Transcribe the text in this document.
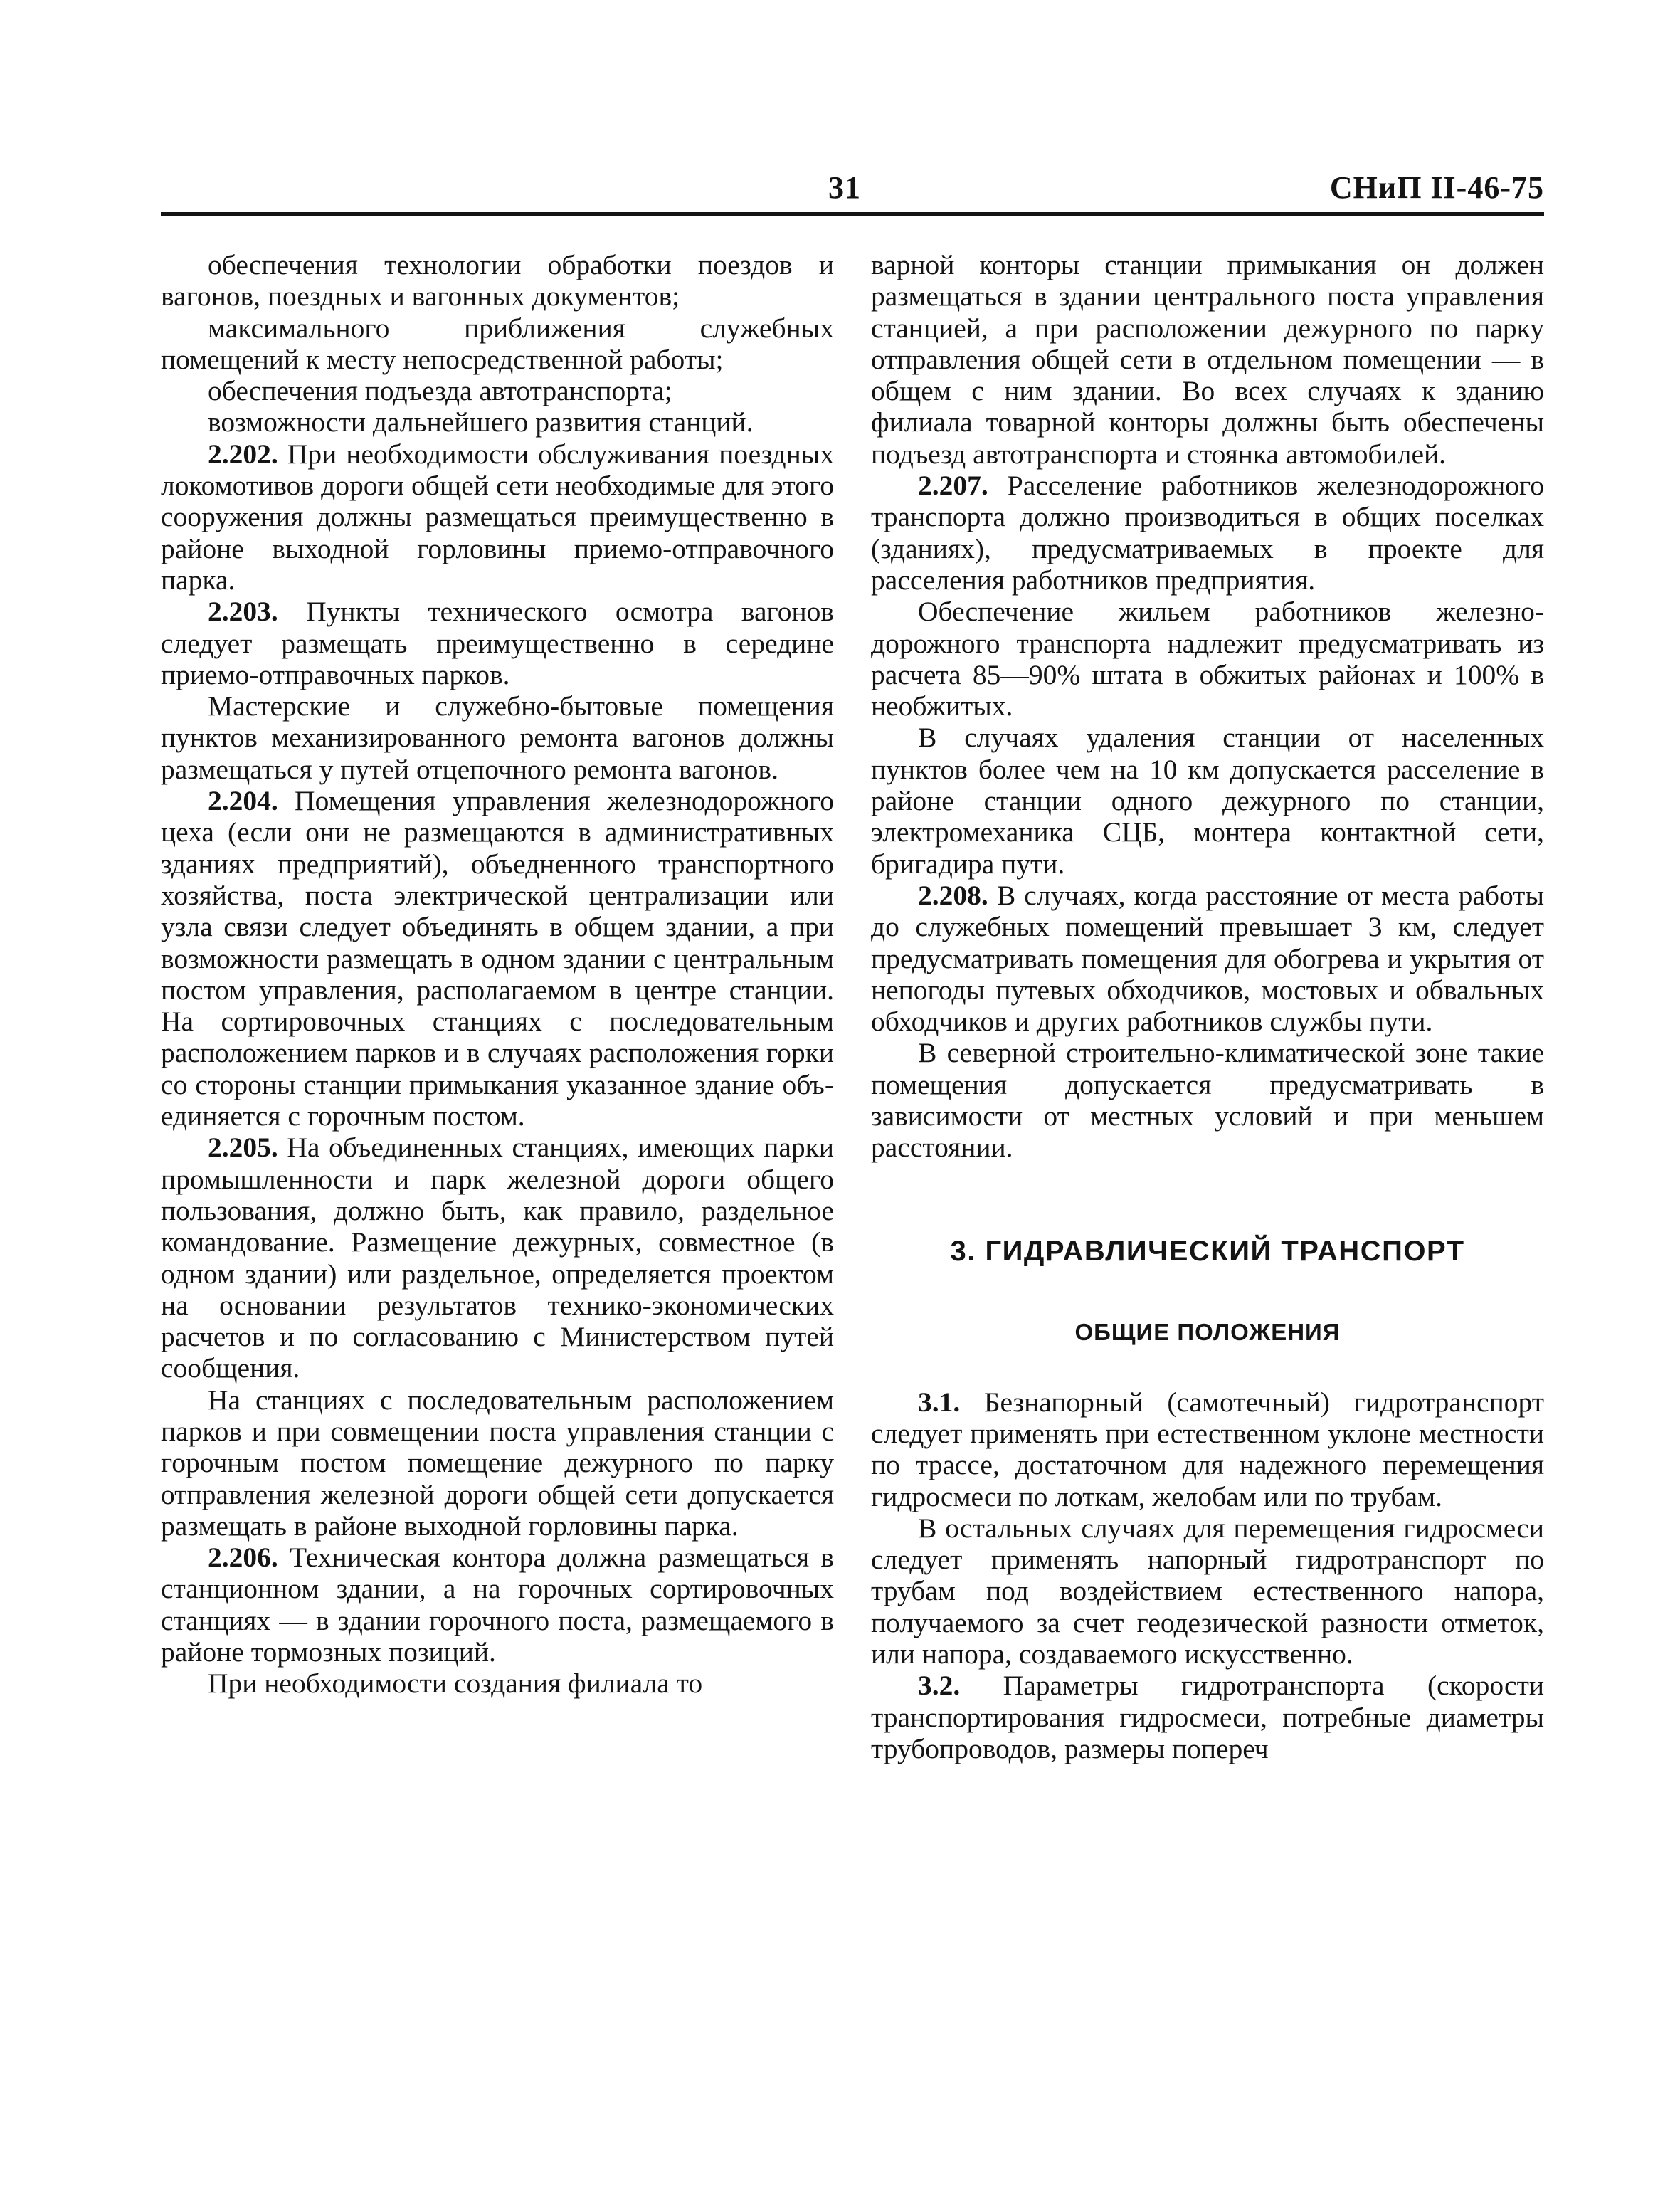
31	СНиП II-46-75

обеспечения технологии обработки поездов и вагонов, поездных и вагонных документов;

максимального приближения служебных помещений к месту непосредственной работы;

обеспечения подъезда автотранспорта;

возможности дальнейшего развития станций.

2.202. При необходимости обслуживания поездных локомотивов дороги общей сети необходимые для этого сооружения должны размещаться преимущественно в районе выходной горловины приемо-отправочного парка.

2.203. Пункты технического осмотра вагонов следует размещать преимущественно в середине приемо-отправочных парков.

Мастерские и служебно-бытовые помещения пунктов механизированного ремонта вагонов должны размещаться у путей отцепочного ремонта вагонов.

2.204. Помещения управления железнодорожного цеха (если они не размещаются в административных зданиях предприятий), объедненного транспортного хозяйства, поста электрической централизации или узла связи следует объединять в общем здании, а при возможности размещать в одном здании с центральным постом управления, располагаемом в центре станции. На сортировочных станциях с последовательным расположением парков и в случаях расположения горки со стороны станции примыкания указанное здание объединяется с горочным постом.

2.205. На объединенных станциях, имеющих парки промышленности и парк железной дороги общего пользования, должно быть, как правило, раздельное командование. Размещение дежурных, совместное (в одном здании) или раздельное, определяется проектом на основании результатов технико-экономических расчетов и по согласованию с Министерством путей сообщения.

На станциях с последовательным расположением парков и при совмещении поста управления станции с горочным постом помещение дежурного по парку отправления железной дороги общей сети допускается размещать в районе выходной горловины парка.

2.206. Техническая контора должна размещаться в станционном здании, а на горочных сортировочных станциях — в здании горочного поста, размещаемого в районе тормозных позиций.

При необходимости создания филиала то

варной конторы станции примыкания он должен размещаться в здании центрального поста управления станцией, а при расположении дежурного по парку отправления общей сети в отдельном помещении — в общем с ним здании. Во всех случаях к зданию филиала товарной конторы должны быть обеспечены подъезд автотранспорта и стоянка автомобилей.

2.207. Расселение работников железнодорожного транспорта должно производиться в общих поселках (зданиях), предусматриваемых в проекте для расселения работников предприятия.

Обеспечение жильем работников железнодорожного транспорта надлежит предусматривать из расчета 85—90% штата в обжитых районах и 100% в необжитых.

В случаях удаления станции от населенных пунктов более чем на 10 км допускается расселение в районе станции одного дежурного по станции, электромеханика СЦБ, монтера контактной сети, бригадира пути.

2.208. В случаях, когда расстояние от места работы до служебных помещений превышает 3 км, следует предусматривать помещения для обогрева и укрытия от непогоды путевых обходчиков, мостовых и обвальных обходчиков и других работников службы пути.

В северной строительно-климатической зоне такие помещения допускается предусматривать в зависимости от местных условий и при меньшем расстоянии.

3. ГИДРАВЛИЧЕСКИЙ ТРАНСПОРТ
ОБЩИЕ ПОЛОЖЕНИЯ

3.1. Безнапорный (самотечный) гидротранспорт следует применять при естественном уклоне местности по трассе, достаточном для надежного перемещения гидросмеси по лоткам, желобам или по трубам.

В остальных случаях для перемещения гидросмеси следует применять напорный гидротранспорт по трубам под воздействием естественного напора, получаемого за счет геодезической разности отметок, или напора, создаваемого искусственно.

3.2. Параметры гидротранспорта (скорости транспортирования гидросмеси, потребные диаметры трубопроводов, размеры попереч
